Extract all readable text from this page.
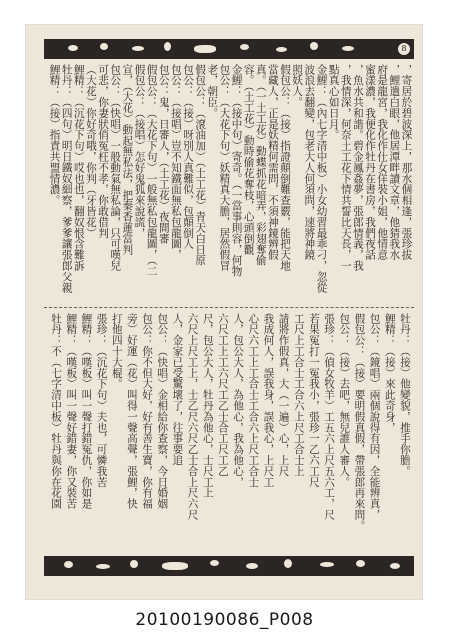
8
，寄居於碧波深上，那水個相逢，張珍拔
，鯉遣白眼，他居潭畔讀文章，他猜我水
府是龍宮，我化作仕女佯裝小姐，他情意
蜜漾濃，我便化作牡丹在書房，我們夜話
，魚水共和諧。碧金鳳姦夢，張郎情義，我
，我情深，何奈土工花下情共誓比天長，一
點真心如日月。
金鯉：（內七字清中板）小女幼習最乖刁，忽從
波浪去翻變，包老大人何須問，速將神鏡
照妖人。
假包公：（接）指證顛倒難查覈，能把天地
當藏人，正是妖精何需問，不須神鏡辨假
真。（一土工花）動蝶抓花暗弄，彩翅奪偷
容。（土工花）動時偷花奪枝，心頭倒觀
金鯉：（接中句）寄奇。（一當事則容，何物
包公：（大花下句）妖精真大膽，居然假冒
老，朝臣。
假包公：（滾油加）（土工花）青天白日原
包公：（接）呀別人真難似，包顛倒人
包公：（接唱）豈不知鐵面無私包龍圖，
包公：鬼，日審人，（土工花）夜間審
假包公：（大花下句）一般無私包龍圖，（二
假包公：（接唱）怎好鬼狐來說謊，
宣，（大花）動起無私法，把秦香蓮當判
包公：（快唱）一般動氣無私論，只可嘆兒
可悲，你妻狀俏冤枉不孝，你敢借判
（大花）你好奇哦，你判（牙皆花）
鯉精：（沉花下句）哎也也，翻奴恨含難訴
牡丹：（四句）明日鐵奴細察，爹爹讓張郎父親
鯉精：（接）指責共盟情濃。
牡丹：（接）他變貌，推手你膽。
鯉精：（接）來此奇身，
包公：（鏡唱）兩個說得有因，全能辨真，
假包公：（接）要明假真假，帶張郎再來問。
包公：（接）去吧，無兒誰人審人。
張珍：（偵女牧羊）工五六上尺五六工，尺
若果冤打一冤我小，張珍一乙六工尺
工尺上工合士工合六上尺工合士上
請將作假真，大（一遍）心，上尺
我成何人，誤我身，誤我心，上尺工
心尺六工上工合士工合六上尺工合士
人，包公大人，為他心，我為他心，
六尺工上工六尺工乙士合工尺工乙
尺，包公大人，牡丹為他心，士尺工上
六尺上尺工上，士乙尺六尺乙士合上尺六尺
人，金家已受驚壞了，往事要追
包公：（快唱）金相給你查察，今日婚姻
包公：你不但大好，好有善生寶，你有福
旁）好運（花）叫得一聲高聲，張鯉，快
打他四十大棍。
張珍：（沉花下句）夫也，可憐我苦
鯉精：（嘆板）叫一聲打錯冤仇，你如是
鯉精：（嘆板）叫一聲好錯妻，你又裝苦
牡丹：不（七字清中板）牡丹與你在花園
20100190086_P008
